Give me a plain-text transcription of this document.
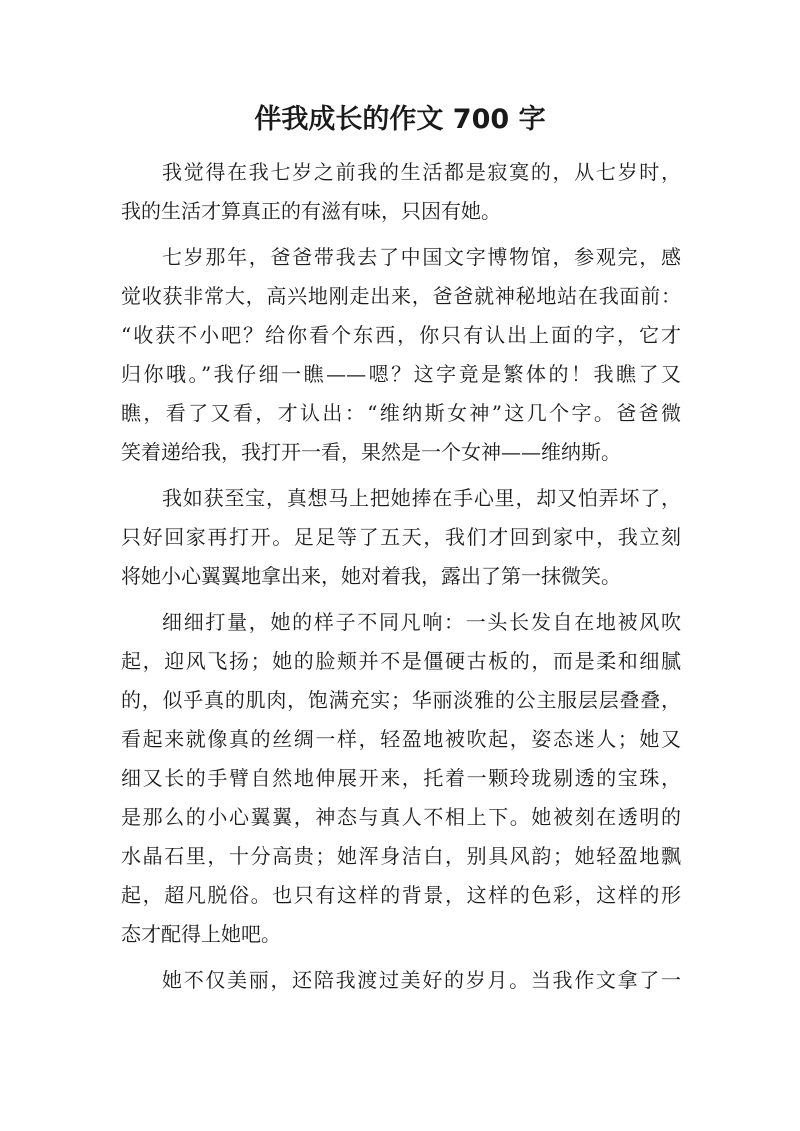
伴我成长的作文 700 字
我觉得在我七岁之前我的生活都是寂寞的，从七岁时，
我的生活才算真正的有滋有味，只因有她。
七岁那年，爸爸带我去了中国文字博物馆，参观完，感
觉收获非常大，高兴地刚走出来，爸爸就神秘地站在我面前：
“收获不小吧？给你看个东西，你只有认出上面的字，它才
归你哦。”我仔细一瞧——嗯？这字竟是繁体的！我瞧了又
瞧，看了又看，才认出：“维纳斯女神”这几个字。爸爸微
笑着递给我，我打开一看，果然是一个女神——维纳斯。
我如获至宝，真想马上把她捧在手心里，却又怕弄坏了，
只好回家再打开。足足等了五天，我们才回到家中，我立刻
将她小心翼翼地拿出来，她对着我，露出了第一抹微笑。
细细打量，她的样子不同凡响：一头长发自在地被风吹
起，迎风飞扬；她的脸颊并不是僵硬古板的，而是柔和细腻
的，似乎真的肌肉，饱满充实；华丽淡雅的公主服层层叠叠，
看起来就像真的丝绸一样，轻盈地被吹起，姿态迷人；她又
细又长的手臂自然地伸展开来，托着一颗玲珑剔透的宝珠，
是那么的小心翼翼，神态与真人不相上下。她被刻在透明的
水晶石里，十分高贵；她浑身洁白，别具风韵；她轻盈地飘
起，超凡脱俗。也只有这样的背景，这样的色彩，这样的形
态才配得上她吧。
她不仅美丽，还陪我渡过美好的岁月。当我作文拿了一
